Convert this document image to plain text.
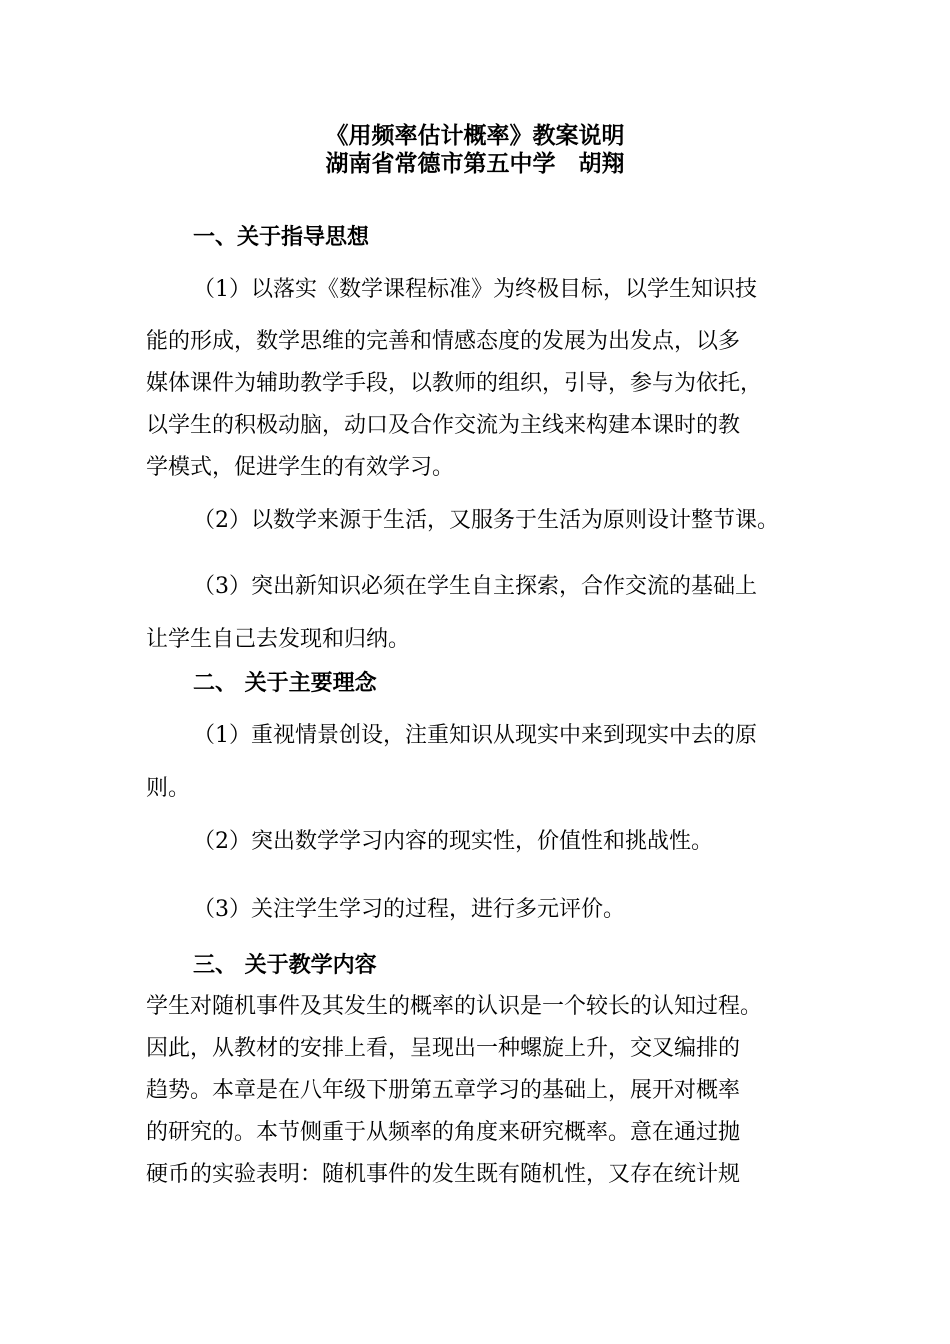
《用频率估计概率》教案说明
湖南省常德市第五中学　胡翔
一、关于指导思想
（1）以落实《数学课程标准》为终极目标，以学生知识技
能的形成，数学思维的完善和情感态度的发展为出发点，以多
媒体课件为辅助教学手段，以教师的组织，引导，参与为依托，
以学生的积极动脑，动口及合作交流为主线来构建本课时的教
学模式，促进学生的有效学习。
（2）以数学来源于生活，又服务于生活为原则设计整节课。
（3）突出新知识必须在学生自主探索，合作交流的基础上
让学生自己去发现和归纳。
二、 关于主要理念
（1）重视情景创设，注重知识从现实中来到现实中去的原
则。
（2）突出数学学习内容的现实性，价值性和挑战性。
（3）关注学生学习的过程，进行多元评价。
三、 关于教学内容
学生对随机事件及其发生的概率的认识是一个较长的认知过程。
因此，从教材的安排上看，呈现出一种螺旋上升，交叉编排的
趋势。本章是在八年级下册第五章学习的基础上，展开对概率
的研究的。本节侧重于从频率的角度来研究概率。意在通过抛
硬币的实验表明：随机事件的发生既有随机性，又存在统计规
